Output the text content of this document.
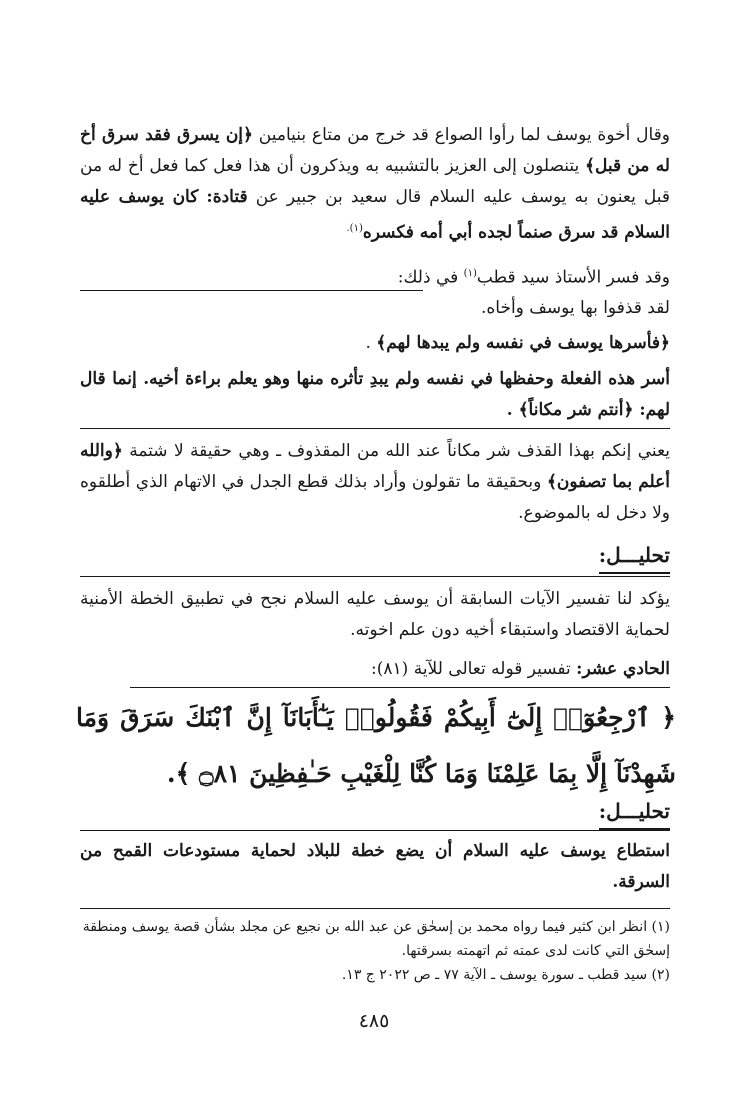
وقال أخوة يوسف لما رأوا الصواع قد خرج من متاع بنيامين ﴿إن يسرق فقد سرق أخ له من قبل﴾ يتنصلون إلى العزيز بالتشبيه به ويذكرون أن هذا فعل كما فعل أخ له من قبل يعنون به يوسف عليه السلام قال سعيد بن جبير عن قتادة: كان يوسف عليه السلام قد سرق صنماً لجده أبي أمه فكسره$^{(١).}$

وقد فسر الأستاذ سيد قطب$^{(١)}$ في ذلك:

لقد قذفوا بها يوسف وأخاه.

﴿فأسرها يوسف في نفسه ولم يبدها لهم﴾ .

أسر هذه الفعلة وحفظها في نفسه ولم يبدِ تأثره منها وهو يعلم براءة أخيه. إنما قال لهم: ﴿أنتم شر مكاناً﴾ .

يعني إنكم بهذا القذف شر مكاناً عند الله من المقذوف ـ وهي حقيقة لا شتمة ﴿والله أعلم بما تصفون﴾ وبحقيقة ما تقولون وأراد بذلك قطع الجدل في الاتهام الذي أطلقوه ولا دخل له بالموضوع.

تحليـــل:

يؤكد لنا تفسير الآيات السابقة أن يوسف عليه السلام نجح في تطبيق الخطة الأمنية لحماية الاقتصاد واستبقاء أخيه دون علم اخوته.

الحادي عشر: تفسير قوله تعالى للآية (٨١):

﴿ ٱرْجِعُوٓا۟ إِلَىٰٓ أَبِيكُمْ فَقُولُوا۟ يَـٰٓأَبَانَآ إِنَّ ٱبْنَكَ سَرَقَ وَمَا شَهِدْنَآ إِلَّا بِمَا عَلِمْنَا وَمَا كُنَّا لِلْغَيْبِ حَـٰفِظِينَ ۝٨١ ﴾.

تحليـــل:

استطاع يوسف عليه السلام أن يضع خطة للبلاد لحماية مستودعات القمح من السرقة.

(١) انظر ابن كثير فيما رواه محمد بن إسحٰق عن عبد الله بن نجيع عن مجلد بشأن قصة يوسف ومنطقة إسحٰق التي كانت لدى عمته ثم اتهمته بسرقتها.

(٢) سيد قطب ـ سورة يوسف ـ الآية ٧٧ ـ ص ٢٠٢٢ ج ١٣.

٤٨٥
